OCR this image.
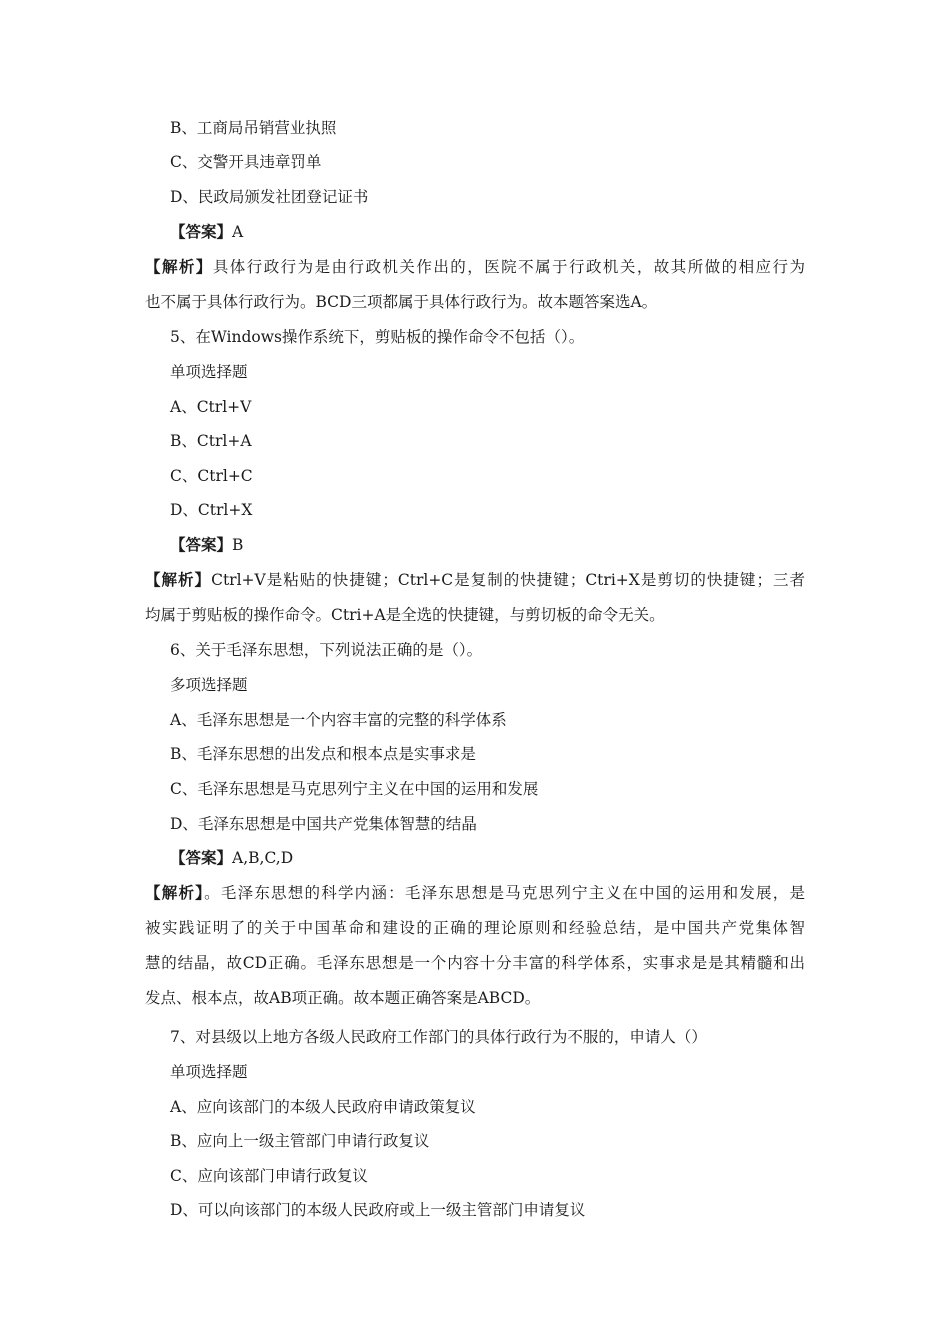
B、工商局吊销营业执照
C、交警开具违章罚单
D、民政局颁发社团登记证书
【答案】A
【解析】具体行政行为是由行政机关作出的，医院不属于行政机关，故其所做的相应行为
也不属于具体行政行为。BCD三项都属于具体行政行为。故本题答案选A。
5、在Windows操作系统下，剪贴板的操作命令不包括（）。
单项选择题
A、Ctrl+V
B、Ctrl+A
C、Ctrl+C
D、Ctrl+X
【答案】B
【解析】Ctrl+V是粘贴的快捷键；Ctrl+C是复制的快捷键；Ctri+X是剪切的快捷键；三者
均属于剪贴板的操作命令。Ctri+A是全选的快捷键，与剪切板的命令无关。
6、关于毛泽东思想，下列说法正确的是（）。
多项选择题
A、毛泽东思想是一个内容丰富的完整的科学体系
B、毛泽东思想的出发点和根本点是实事求是
C、毛泽东思想是马克思列宁主义在中国的运用和发展
D、毛泽东思想是中国共产党集体智慧的结晶
【答案】A,B,C,D
【解析】。毛泽东思想的科学内涵：毛泽东思想是马克思列宁主义在中国的运用和发展，是
被实践证明了的关于中国革命和建设的正确的理论原则和经验总结，是中国共产党集体智
慧的结晶，故CD正确。毛泽东思想是一个内容十分丰富的科学体系，实事求是是其精髓和出
发点、根本点，故AB项正确。故本题正确答案是ABCD。
7、对县级以上地方各级人民政府工作部门的具体行政行为不服的，申请人（）
单项选择题
A、应向该部门的本级人民政府申请政策复议
B、应向上一级主管部门申请行政复议
C、应向该部门申请行政复议
D、可以向该部门的本级人民政府或上一级主管部门申请复议
